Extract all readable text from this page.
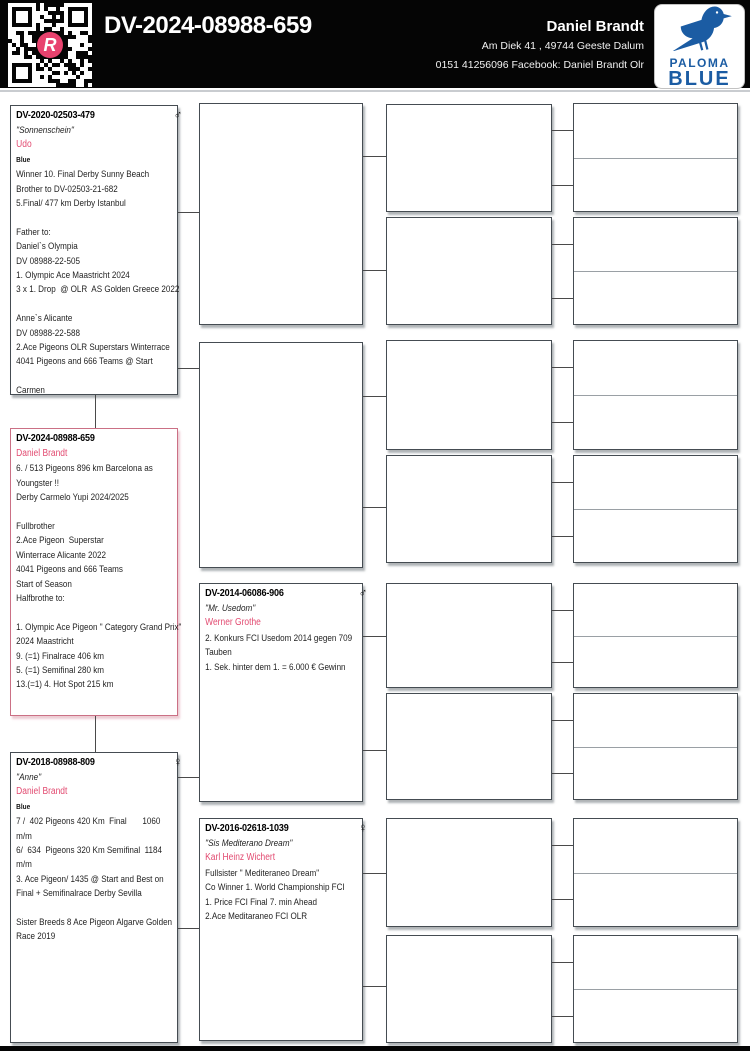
R
DV-2024-08988-659	Daniel Brandt
Am Diek 41 , 49744 Geeste Dalum
0151 41256096 Facebook: Daniel Brandt Olr	PALOMA
BLUE
DV-2020-02503-479	♂
"Sonnenschein"
Udo
Blue
Winner 10. Final Derby Sunny Beach
Brother to DV-02503-21-682
5.Final/ 477 km Derby Istanbul
Father to:
Daniel`s Olympia
DV 08988-22-505
1. Olympic Ace Maastricht 2024
3 x 1. Drop  @ OLR  AS Golden Greece 2022
Anne`s Alicante
DV 08988-22-588
2.Ace Pigeons OLR Superstars Winterrace
4041 Pigeons and 666 Teams @ Start
Carmen
DV-2024-08988-659
Daniel Brandt
6. / 513 Pigeons 896 km Barcelona as
Youngster !!
Derby Carmelo Yupi 2024/2025
Fullbrother
2.Ace Pigeon  Superstar
Winterrace Alicante 2022
4041 Pigeons and 666 Teams
Start of Season
Halfbrothe to:
1. Olympic Ace Pigeon " Category Grand Prix"
2024 Maastricht
9. (=1) Finalrace 406 km
5. (=1) Semifinal 280 km
13.(=1) 4. Hot Spot 215 km
DV-2018-08988-809	♀
"Anne"
Daniel Brandt
Blue
7 /  402 Pigeons 420 Km  Final       1060
m/m
6/  634  Pigeons 320 Km Semifinal  1184
m/m
3. Ace Pigeon/ 1435 @ Start and Best on
Final + Semifinalrace Derby Sevilla
Sister Breeds 8 Ace Pigeon Algarve Golden
Race 2019
DV-2014-06086-906	♂
"Mr. Usedom"
Werner Grothe
2. Konkurs FCI Usedom 2014 gegen 709
Tauben
1. Sek. hinter dem 1. = 6.000 € Gewinn
DV-2016-02618-1039	♀
"Sis Mediterano Dream"
Karl Heinz Wichert
Fullsister " Mediteraneo Dream"
Co Winner 1. World Championship FCI
1. Price FCI Final 7. min Ahead
2.Ace Meditaraneo FCI OLR
